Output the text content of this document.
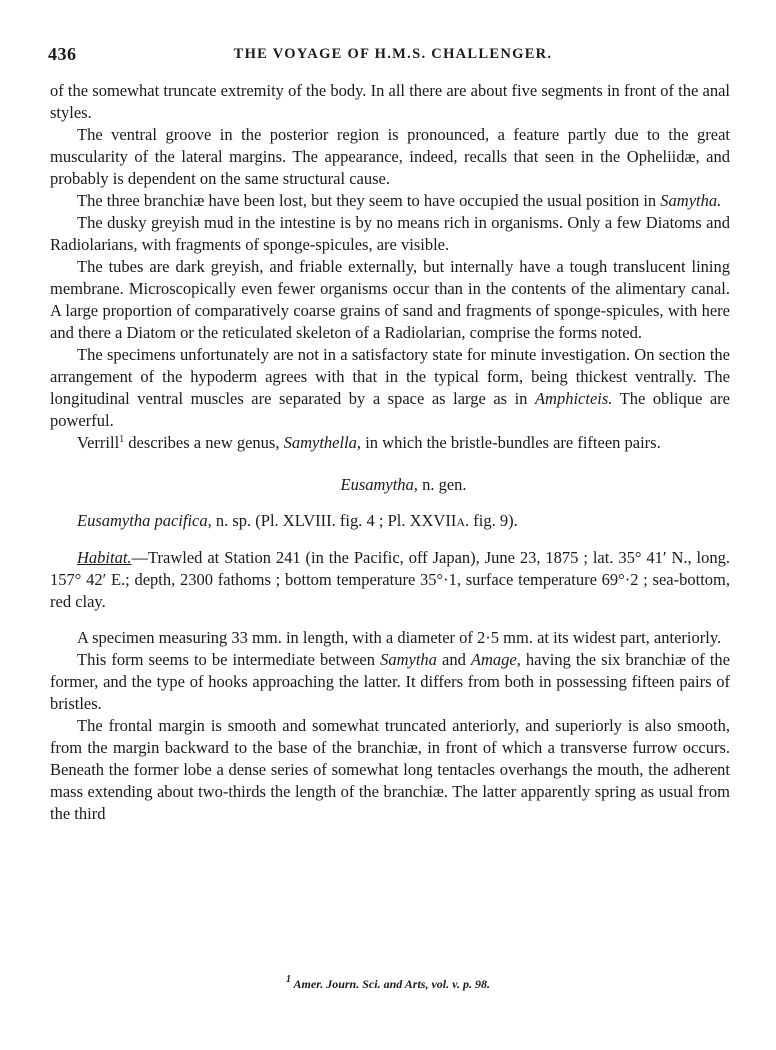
436	THE VOYAGE OF H.M.S. CHALLENGER.

of the somewhat truncate extremity of the body. In all there are about five segments in front of the anal styles.

The ventral groove in the posterior region is pronounced, a feature partly due to the great muscularity of the lateral margins. The appearance, indeed, recalls that seen in the Opheliidæ, and probably is dependent on the same structural cause.

The three branchiæ have been lost, but they seem to have occupied the usual position in Samytha.

The dusky greyish mud in the intestine is by no means rich in organisms. Only a few Diatoms and Radiolarians, with fragments of sponge-spicules, are visible.

The tubes are dark greyish, and friable externally, but internally have a tough translucent lining membrane. Microscopically even fewer organisms occur than in the contents of the alimentary canal. A large proportion of comparatively coarse grains of sand and fragments of sponge-spicules, with here and there a Diatom or the reticulated skeleton of a Radiolarian, comprise the forms noted.

The specimens unfortunately are not in a satisfactory state for minute investigation. On section the arrangement of the hypoderm agrees with that in the typical form, being thickest ventrally. The longitudinal ventral muscles are separated by a space as large as in Amphicteis. The oblique are powerful.

Verrill$^1$ describes a new genus, Samythella, in which the bristle-bundles are fifteen pairs.

Eusamytha, n. gen.

Eusamytha pacifica, n. sp. (Pl. XLVIII. fig. 4 ; Pl. XXVIIA. fig. 9).

Habitat.—Trawled at Station 241 (in the Pacific, off Japan), June 23, 1875 ; lat. 35° 41′ N., long. 157° 42′ E.; depth, 2300 fathoms ; bottom temperature 35°·1, surface temperature 69°·2 ; sea-bottom, red clay.

A specimen measuring 33 mm. in length, with a diameter of 2·5 mm. at its widest part, anteriorly.

This form seems to be intermediate between Samytha and Amage, having the six branchiæ of the former, and the type of hooks approaching the latter. It differs from both in possessing fifteen pairs of bristles.

The frontal margin is smooth and somewhat truncated anteriorly, and superiorly is also smooth, from the margin backward to the base of the branchiæ, in front of which a transverse furrow occurs. Beneath the former lobe a dense series of somewhat long tentacles overhangs the mouth, the adherent mass extending about two-thirds the length of the branchiæ. The latter apparently spring as usual from the third

$^1$ Amer. Journ. Sci. and Arts, vol. v. p. 98.
